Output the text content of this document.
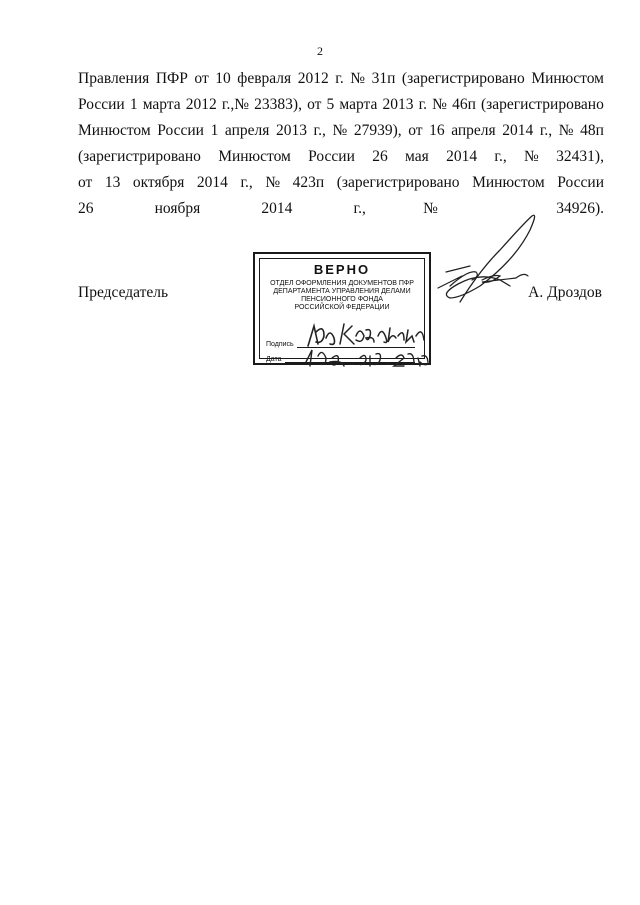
2
Правления ПФР от 10 февраля 2012 г. № 31п (зарегистрировано Минюстом
России 1 марта 2012 г.,№ 23383), от 5 марта 2013 г. № 46п (зарегистрировано
Минюстом России 1 апреля 2013 г., № 27939), от 16 апреля 2014 г., № 48п
(зарегистрировано Минюстом России 26 мая 2014 г., № 32431),
от 13 октября 2014 г., № 423п (зарегистрировано Минюстом России
26 ноября 2014 г.,№ 34926).
Председатель	А. Дроздов
ВЕРНО
ОТДЕЛ ОФОРМЛЕНИЯ ДОКУМЕНТОВ ПФР
ДЕПАРТАМЕНТА УПРАВЛЕНИЯ ДЕЛАМИ
ПЕНСИОННОГО ФОНДА
РОССИЙСКОЙ ФЕДЕРАЦИИ
Подпись
Дата
